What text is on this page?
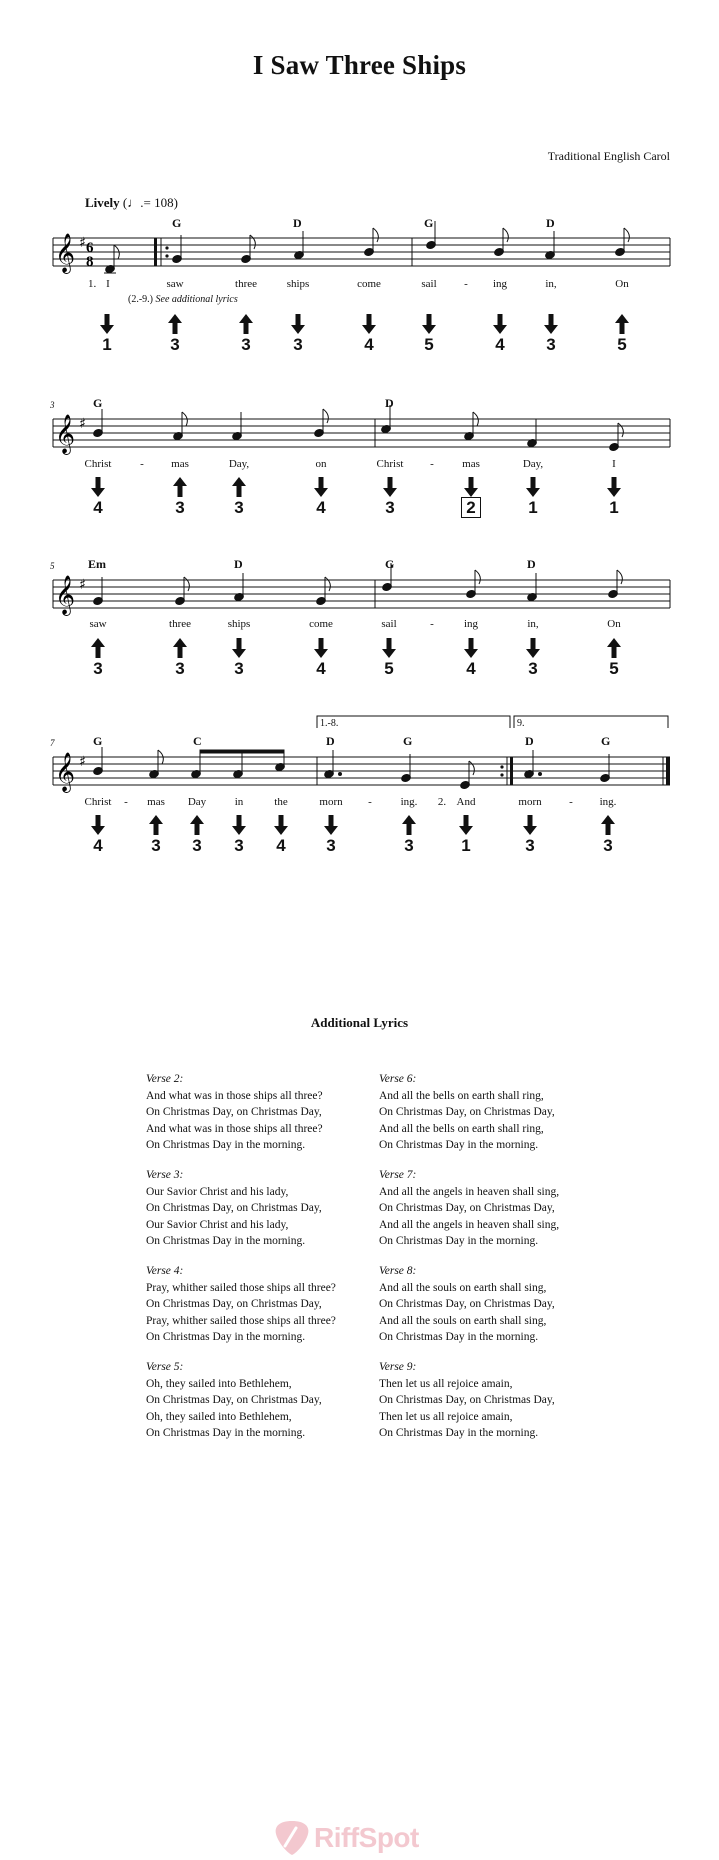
I Saw Three Ships
Traditional English Carol
Lively (♩.= 108)
𝄞 ♯ 6
8
G	D	G	D
1. I	saw	three	ships	come	sail	- ing	in,	On
(2.-9.) See additional lyrics
𝄞 ♯
3	G	D
Christ	- mas	Day,	on	Christ -	mas	Day,	I
𝄞 ♯
5	Em	D	G	D
saw	three	ships	come	sail	-	ing	in,	On
𝄞 ♯
7
1.-8.	9.
G	C	D	G	D	G
Christ - mas Day	in	the	morn -	ing. 2. And	morn	- ing.
Additional Lyrics
Verse 2:
And what was in those ships all three?
On Christmas Day, on Christmas Day,
And what was in those ships all three?
On Christmas Day in the morning.
Verse 3:
Our Savior Christ and his lady,
On Christmas Day, on Christmas Day,
Our Savior Christ and his lady,
On Christmas Day in the morning.
Verse 4:
Pray, whither sailed those ships all three?
On Christmas Day, on Christmas Day,
Pray, whither sailed those ships all three?
On Christmas Day in the morning.
Verse 5:
Oh, they sailed into Bethlehem,
On Christmas Day, on Christmas Day,
Oh, they sailed into Bethlehem,
On Christmas Day in the morning.
Verse 6:
And all the bells on earth shall ring,
On Christmas Day, on Christmas Day,
And all the bells on earth shall ring,
On Christmas Day in the morning.
Verse 7:
And all the angels in heaven shall sing,
On Christmas Day, on Christmas Day,
And all the angels in heaven shall sing,
On Christmas Day in the morning.
Verse 8:
And all the souls on earth shall sing,
On Christmas Day, on Christmas Day,
And all the souls on earth shall sing,
On Christmas Day in the morning.
Verse 9:
Then let us all rejoice amain,
On Christmas Day, on Christmas Day,
Then let us all rejoice amain,
On Christmas Day in the morning.
RiffSpot
1	3	3	3	4	5	4	3	5
4	3	3	4	3	2	1	1
3	3	3	4	5	4	3	5
4	3	3	3	4	3	3	1	3	3
